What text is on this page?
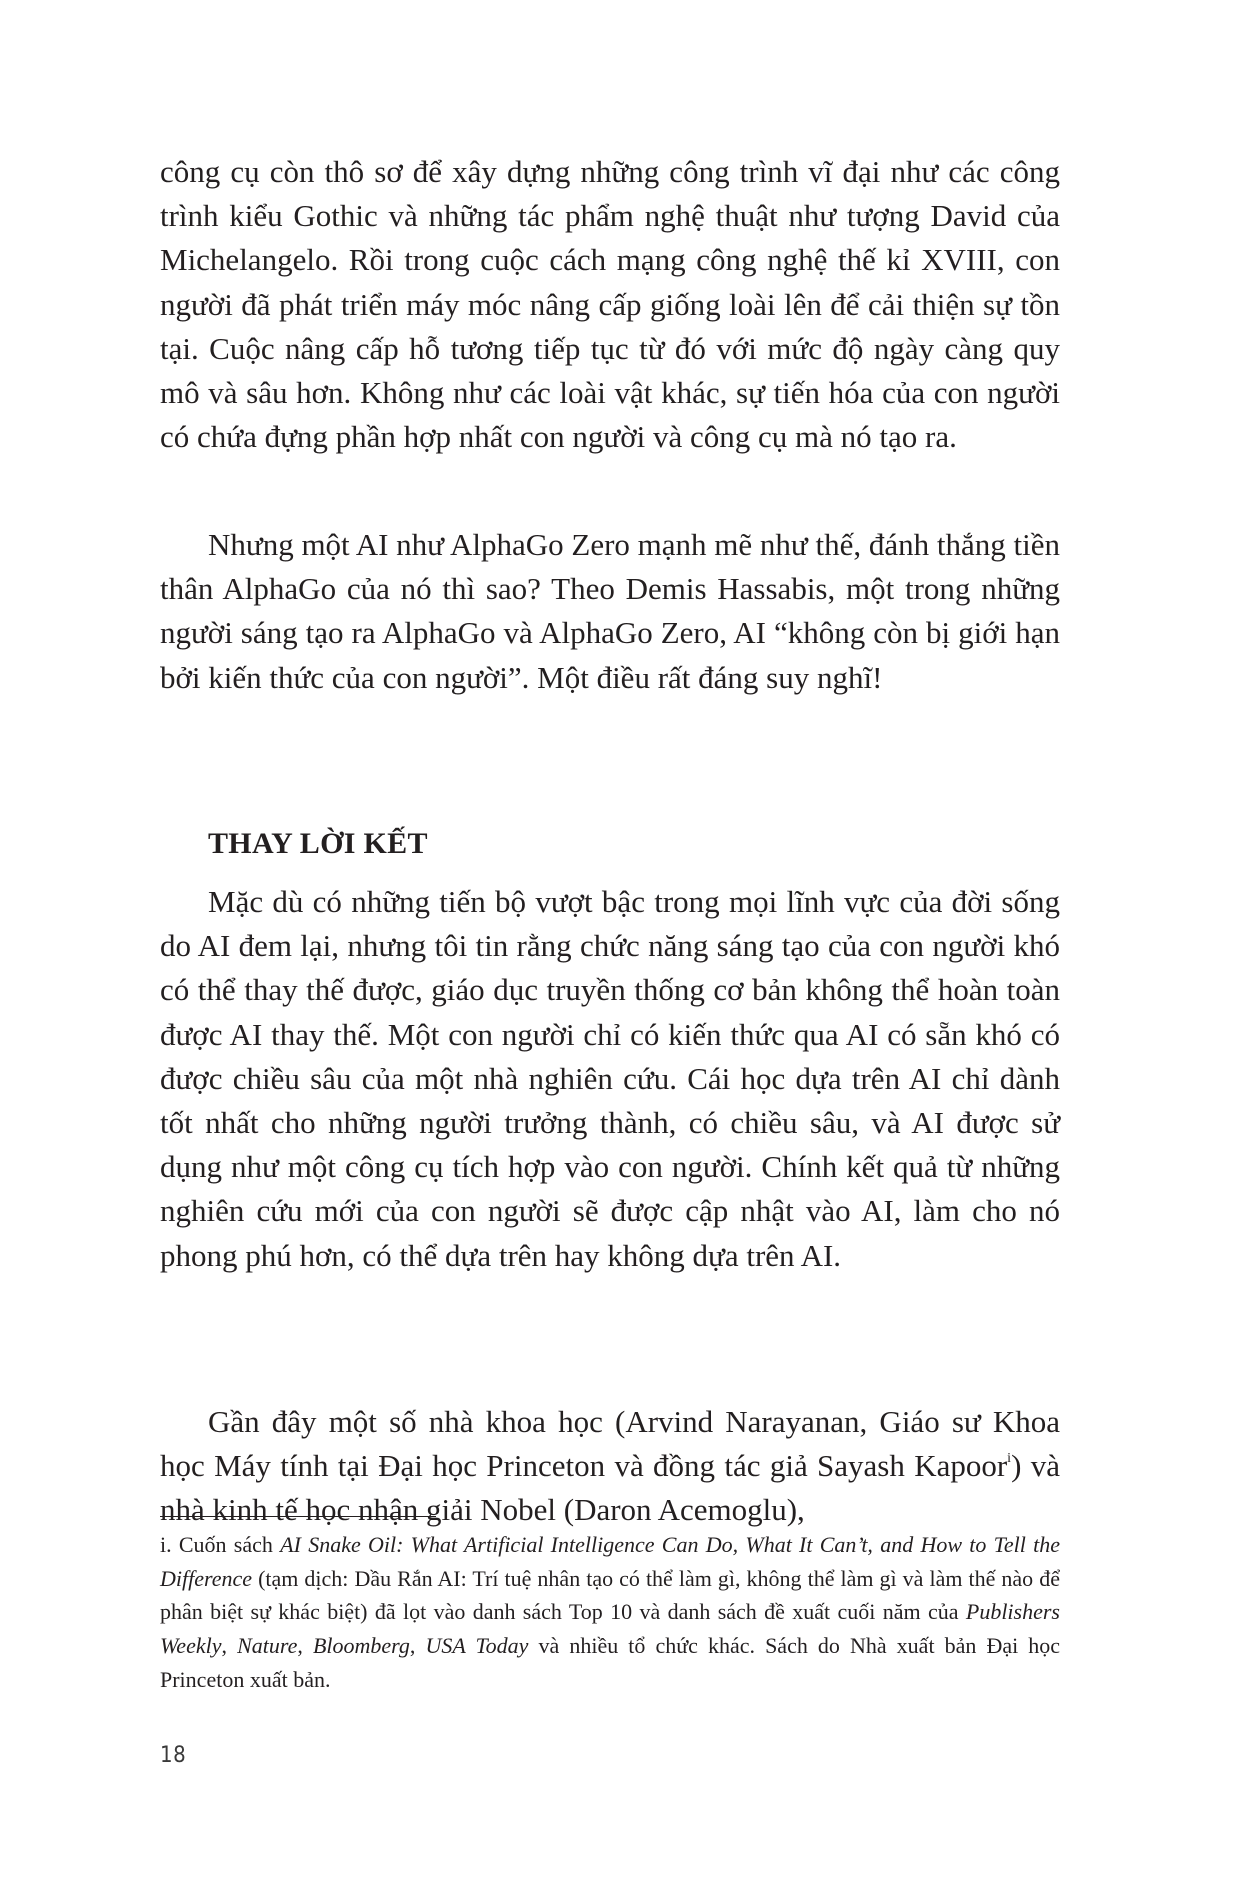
công cụ còn thô sơ để xây dựng những công trình vĩ đại như các công trình kiểu Gothic và những tác phẩm nghệ thuật như tượng David của Michelangelo. Rồi trong cuộc cách mạng công nghệ thế kỉ XVIII, con người đã phát triển máy móc nâng cấp giống loài lên để cải thiện sự tồn tại. Cuộc nâng cấp hỗ tương tiếp tục từ đó với mức độ ngày càng quy mô và sâu hơn. Không như các loài vật khác, sự tiến hóa của con người có chứa đựng phần hợp nhất con người và công cụ mà nó tạo ra.

Nhưng một AI như AlphaGo Zero mạnh mẽ như thế, đánh thắng tiền thân AlphaGo của nó thì sao? Theo Demis Hassabis, một trong những người sáng tạo ra AlphaGo và AlphaGo Zero, AI “không còn bị giới hạn bởi kiến thức của con người”. Một điều rất đáng suy nghĩ!

THAY LỜI KẾT

Mặc dù có những tiến bộ vượt bậc trong mọi lĩnh vực của đời sống do AI đem lại, nhưng tôi tin rằng chức năng sáng tạo của con người khó có thể thay thế được, giáo dục truyền thống cơ bản không thể hoàn toàn được AI thay thế. Một con người chỉ có kiến thức qua AI có sẵn khó có được chiều sâu của một nhà nghiên cứu. Cái học dựa trên AI chỉ dành tốt nhất cho những người trưởng thành, có chiều sâu, và AI được sử dụng như một công cụ tích hợp vào con người. Chính kết quả từ những nghiên cứu mới của con người sẽ được cập nhật vào AI, làm cho nó phong phú hơn, có thể dựa trên hay không dựa trên AI.

Gần đây một số nhà khoa học (Arvind Narayanan, Giáo sư Khoa học Máy tính tại Đại học Princeton và đồng tác giả Sayash Kapoor$^i$) và nhà kinh tế học nhận giải Nobel (Daron Acemoglu),

i. Cuốn sách AI Snake Oil: What Artificial Intelligence Can Do, What It Can’t, and How to Tell the Difference (tạm dịch: Dầu Rắn AI: Trí tuệ nhân tạo có thể làm gì, không thể làm gì và làm thế nào để phân biệt sự khác biệt) đã lọt vào danh sách Top 10 và danh sách đề xuất cuối năm của Publishers Weekly, Nature, Bloomberg, USA Today và nhiều tổ chức khác. Sách do Nhà xuất bản Đại học Princeton xuất bản.

18
